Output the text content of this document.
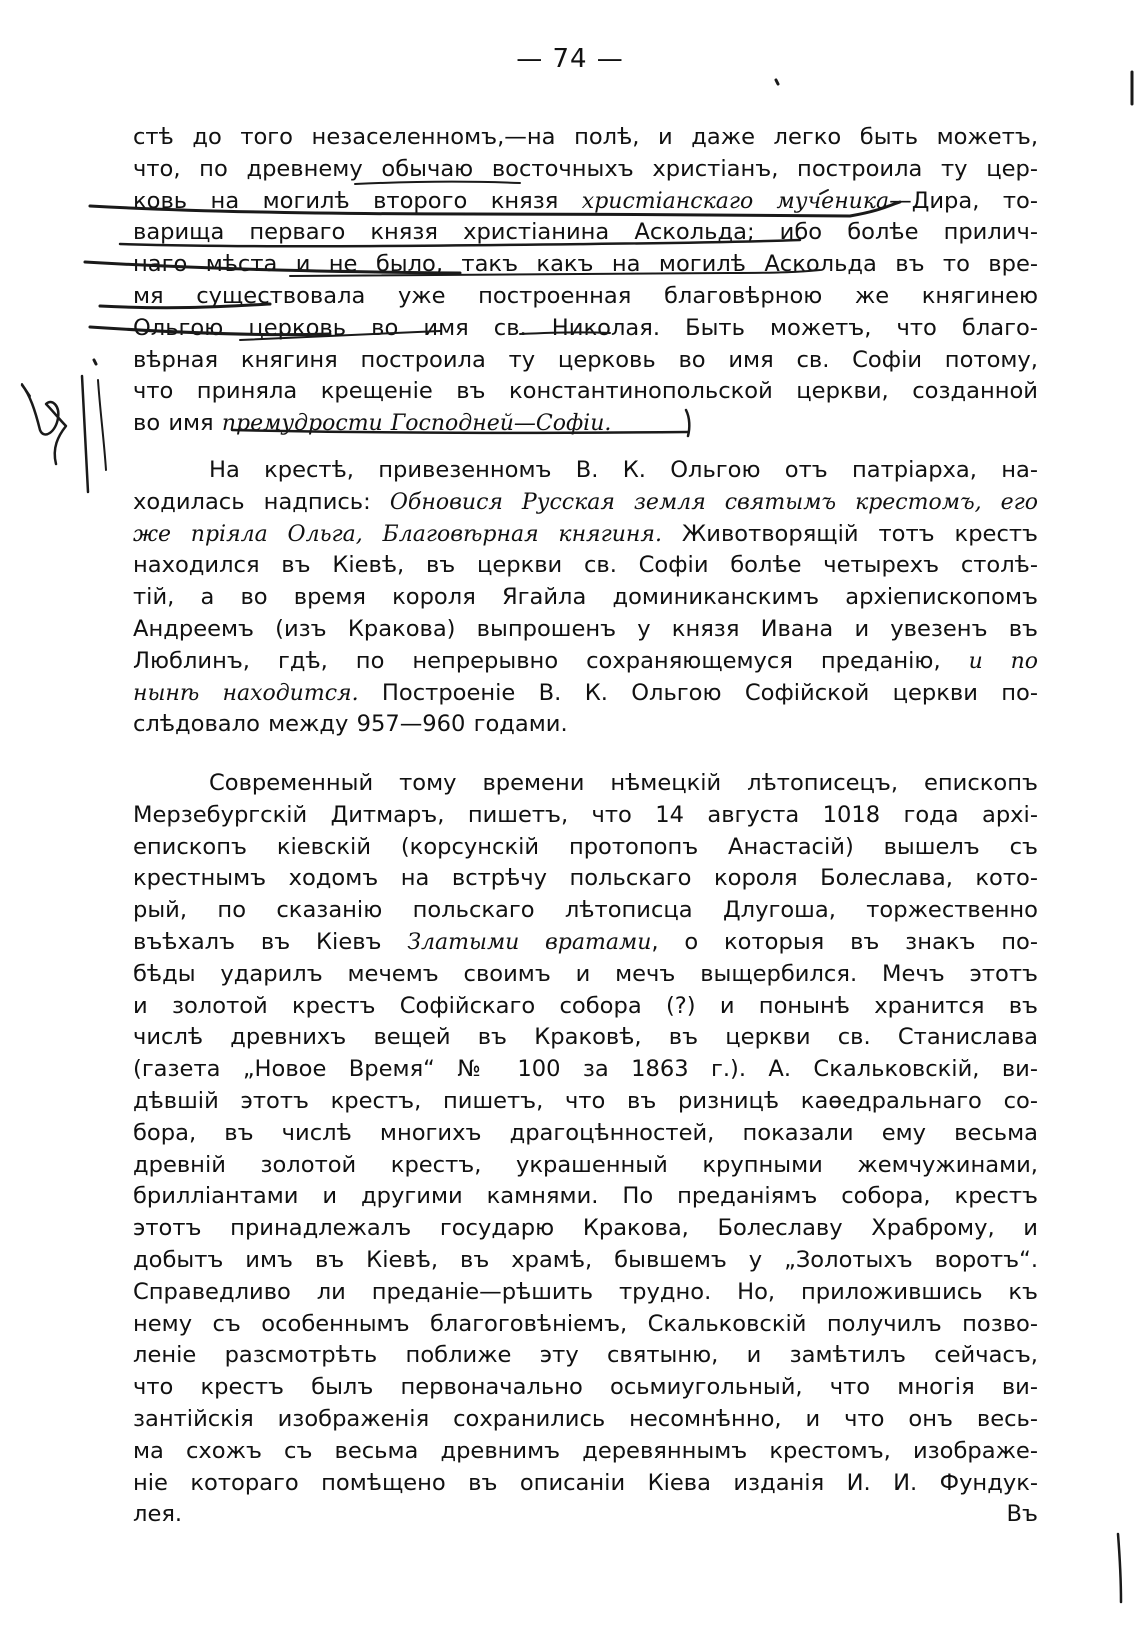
— 74 —
стѣ до того незаселенномъ,—на полѣ, и даже легко быть можетъ,
что, по древнему обычаю восточныхъ христіанъ, построила ту цер-
ковь на могилѣ второго князя христіанскаго мученика—Дира, то-
варища перваго князя христіанина Аскольда; ибо болѣе прилич-
наго мѣста и не было, такъ какъ на могилѣ Аскольда въ то вре-
мя существовала уже построенная благовѣрною же княгинею
Ольгою церковь во имя св. Николая. Быть можетъ, что благо-
вѣрная княгиня построила ту церковь во имя св. Софіи потому,
что приняла крещеніе въ константинопольской церкви, созданной
во имя премудрости Господней—Софіи.
На крестѣ, привезенномъ В. К. Ольгою отъ патріарха, на-
ходилась надпись: Обновися Русская земля святымъ крестомъ, его
же пріяла Ольга, Благовѣрная княгиня. Животворящій тотъ крестъ
находился въ Кіевѣ, въ церкви св. Софіи болѣе четырехъ столѣ-
тій, а во время короля Ягайла доминиканскимъ архіепископомъ
Андреемъ (изъ Кракова) выпрошенъ у князя Ивана и увезенъ въ
Люблинъ, гдѣ, по непрерывно сохраняющемуся преданію, и по
нынѣ находится. Построеніе В. К. Ольгою Софійской церкви по-
слѣдовало между 957—960 годами.
Современный тому времени нѣмецкій лѣтописецъ, епископъ
Мерзебургскій Дитмаръ, пишетъ, что 14 августа 1018 года архі-
епископъ кіевскій (корсунскій протопопъ Анастасій) вышелъ съ
крестнымъ ходомъ на встрѣчу польскаго короля Болеслава, кото-
рый, по сказанію польскаго лѣтописца Длугоша, торжественно
въѣхалъ въ Кіевъ Златыми вратами, о которыя въ знакъ по-
бѣды ударилъ мечемъ своимъ и мечъ выщербился. Мечъ этотъ
и золотой крестъ Софійскаго собора (?) и понынѣ хранится въ
числѣ древнихъ вещей въ Краковѣ, въ церкви св. Станислава
(газета „Новое Время“ № 100 за 1863 г.). А. Скальковскій, ви-
дѣвшій этотъ крестъ, пишетъ, что въ ризницѣ каѳедральнаго со-
бора, въ числѣ многихъ драгоцѣнностей, показали ему весьма
древній золотой крестъ, украшенный крупными жемчужинами,
бриллiантами и другими камнями. По преданiямъ собора, крестъ
этотъ принадлежалъ государю Кракова, Болеславу Храброму, и
добытъ имъ въ Кіевѣ, въ храмѣ, бывшемъ у „Золотыхъ воротъ“.
Справедливо ли преданіе—рѣшить трудно. Но, приложившись къ
нему съ особеннымъ благоговѣніемъ, Скальковскій получилъ позво-
леніе разсмотрѣть поближе эту святыню, и замѣтилъ сейчасъ,
что крестъ былъ первоначально осьмиугольный, что многія ви-
зантійскія изображенія сохранились несомнѣнно, и что онъ весь-
ма схожъ съ весьма древнимъ деревяннымъ крестомъ, изображе-
ніе котораго помѣщено въ описаніи Кіева изданія И. И. Фундук-
лея. Въ
